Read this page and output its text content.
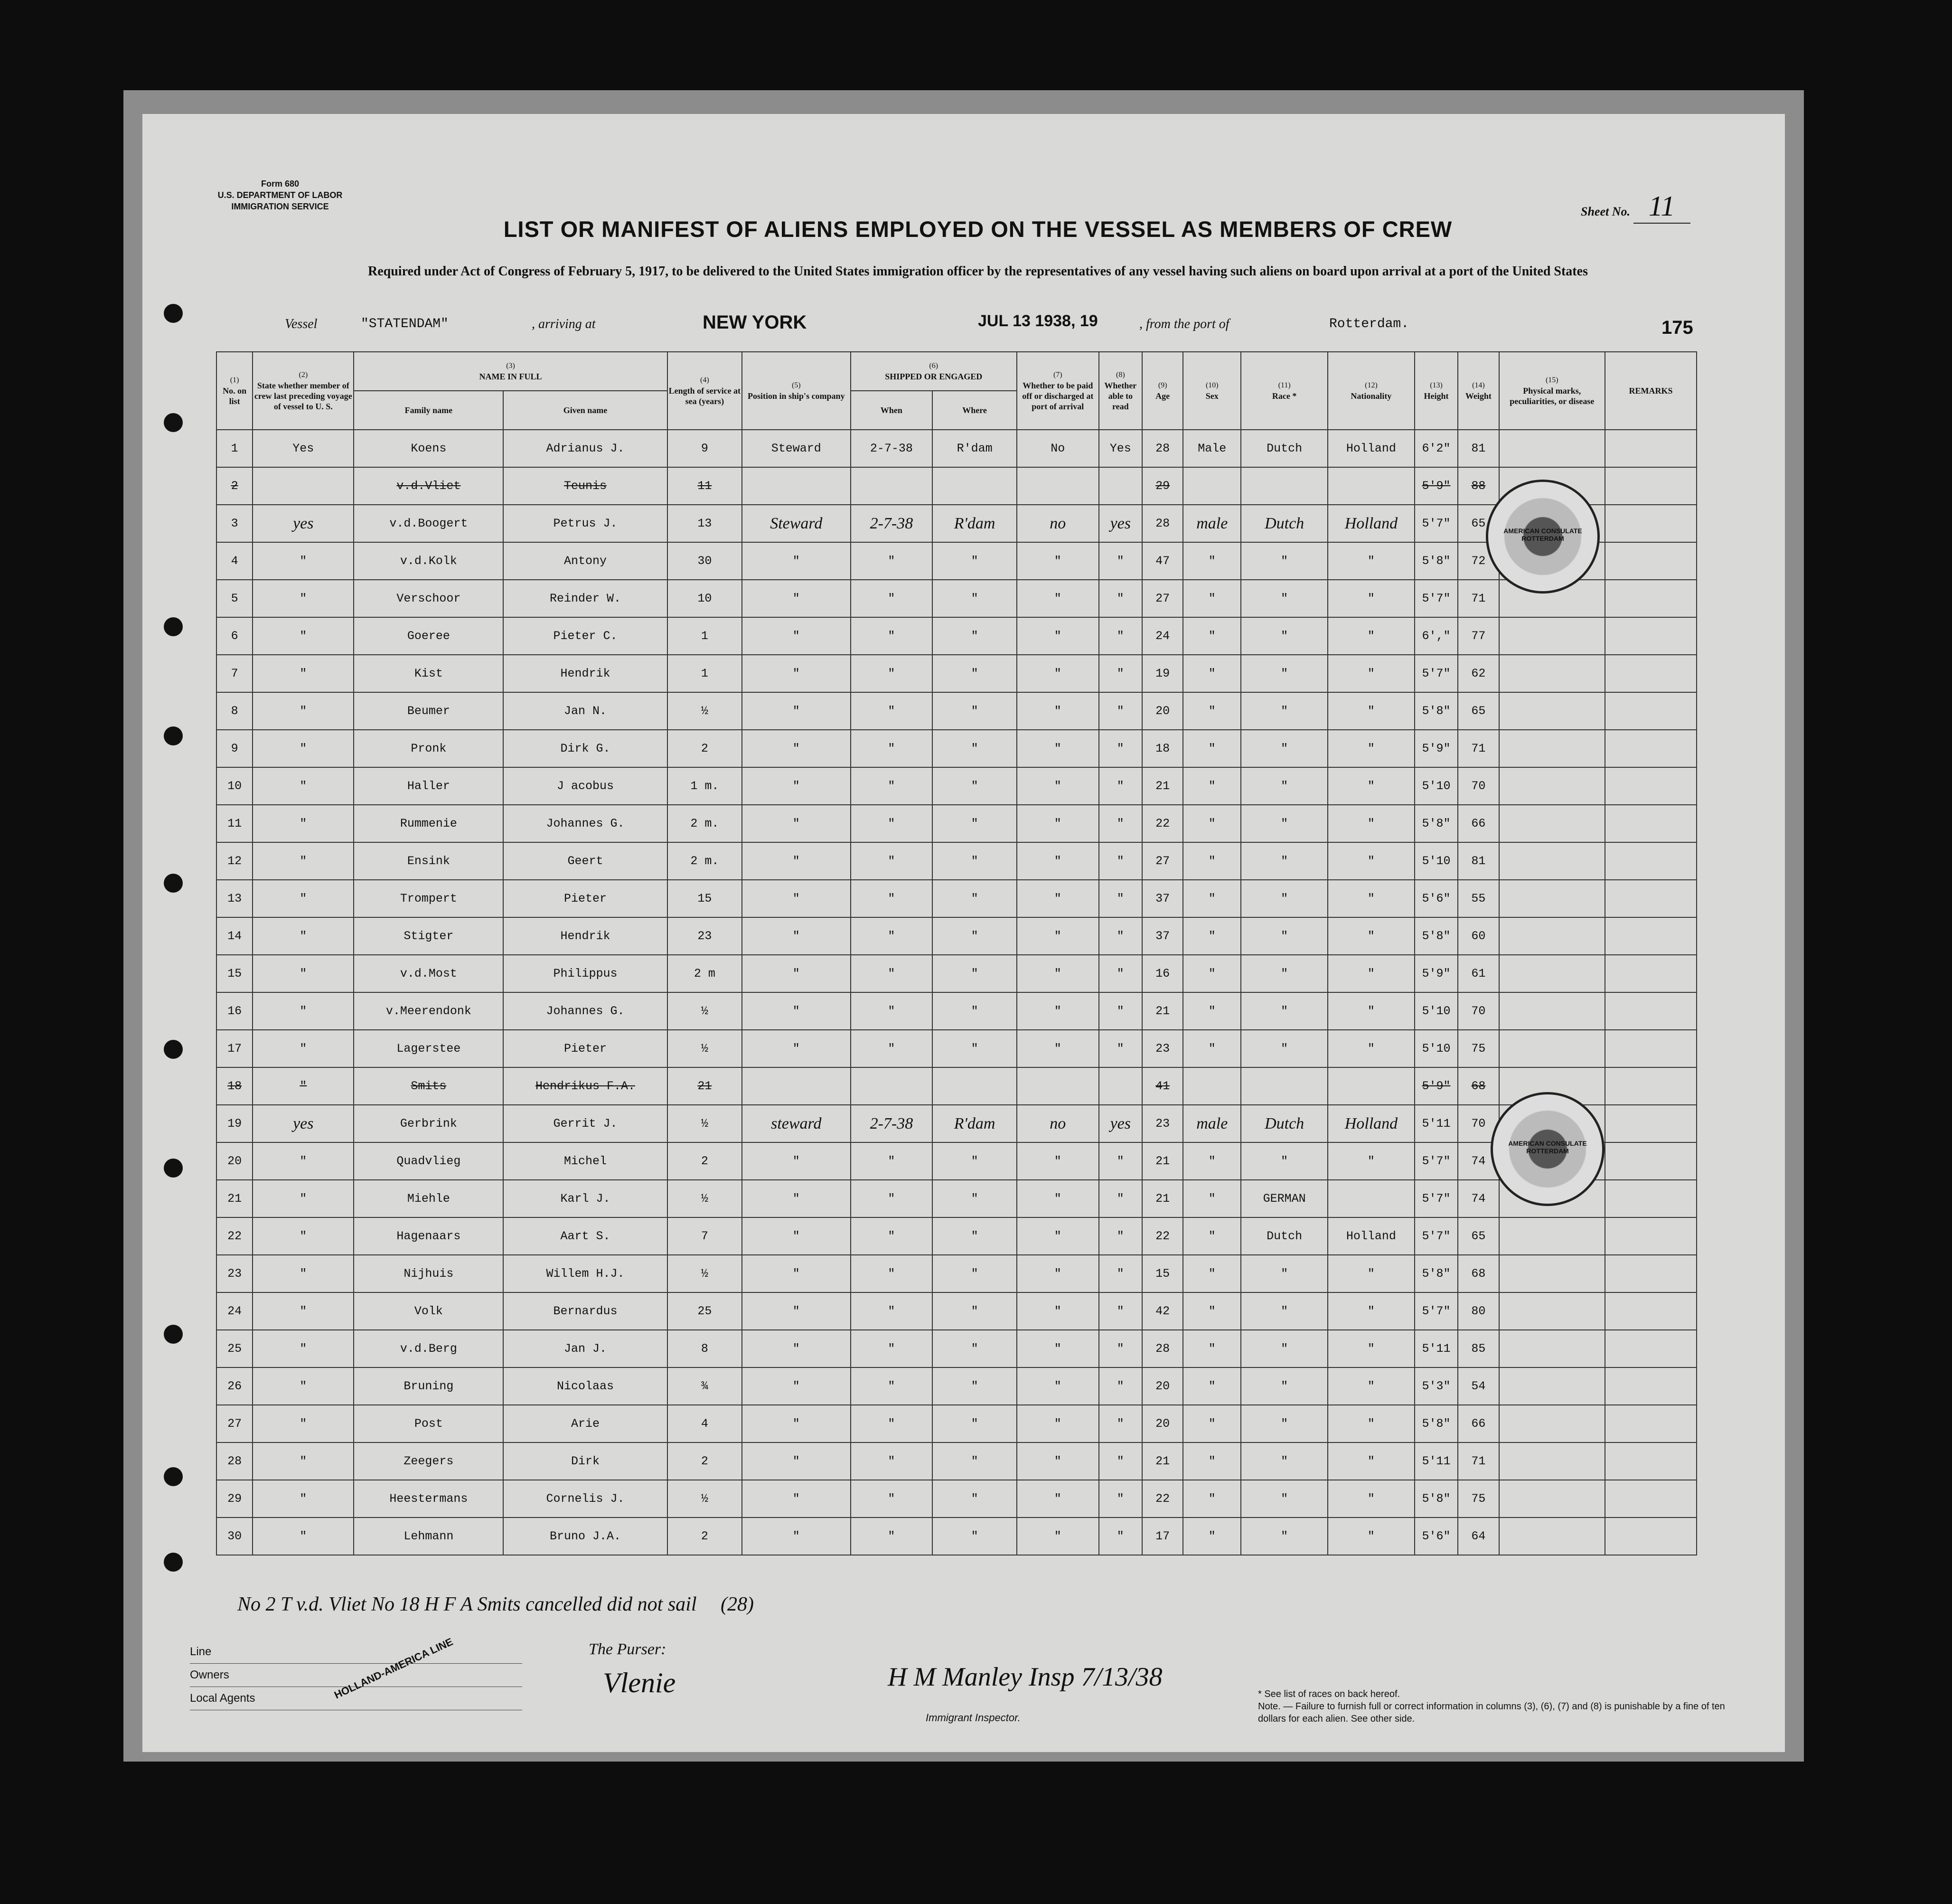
Form 680
U.S. DEPARTMENT OF LABOR
IMMIGRATION SERVICE	Sheet No. 11
LIST OR MANIFEST OF ALIENS EMPLOYED ON THE VESSEL AS MEMBERS OF CREW
Required under Act of Congress of February 5, 1917, to be delivered to the United States immigration officer by the representatives of any vessel having such aliens on board upon arrival at a port of the United States
Vessel	"STATENDAM"	, arriving at	NEW YORK	JUL 13 1938, 19	, from the port of	Rotterdam.	175
(1)
No. on list	(2)
State whether member of crew last preceding voyage of vessel to U. S.	(3)
NAME IN FULL		(4)
Length of service at sea (years)	(5)
Position in ship's company	(6)
SHIPPED OR ENGAGED		(7)
Whether to be paid off or discharged at port of arrival	(8)
Whether able to read	(9)
Age	(10)
Sex	(11)
Race *	(12)
Nationality	(13)
Height	(14)
Weight	(15)
Physical marks, peculiarities, or disease	REMARKS
		Family name	Given name			When	Where										
1	Yes	Koens	Adrianus J.	9	Steward	2-7-38	R'dam	No	Yes	28	Male	Dutch	Holland	6'2"	81		
2		v.d.Vliet	Teunis	11						29				5'9"	88		
3	yes	v.d.Boogert	Petrus J.	13	Steward	2-7-38	R'dam	no	yes	28	male	Dutch	Holland	5'7"	65		
4	"	v.d.Kolk	Antony	30	"	"	"	"	"	47	"	"	"	5'8"	72		
5	"	Verschoor	Reinder W.	10	"	"	"	"	"	27	"	"	"	5'7"	71		
6	"	Goeree	Pieter C.	1	"	"	"	"	"	24	"	"	"	6',"	77		
7	"	Kist	Hendrik	1	"	"	"	"	"	19	"	"	"	5'7"	62		
8	"	Beumer	Jan N.	½	"	"	"	"	"	20	"	"	"	5'8"	65		
9	"	Pronk	Dirk G.	2	"	"	"	"	"	18	"	"	"	5'9"	71		
10	"	Haller	J acobus	1 m.	"	"	"	"	"	21	"	"	"	5'10	70		
11	"	Rummenie	Johannes G.	2 m.	"	"	"	"	"	22	"	"	"	5'8"	66		
12	"	Ensink	Geert	2 m.	"	"	"	"	"	27	"	"	"	5'10	81		
13	"	Trompert	Pieter	15	"	"	"	"	"	37	"	"	"	5'6"	55		
14	"	Stigter	Hendrik	23	"	"	"	"	"	37	"	"	"	5'8"	60		
15	"	v.d.Most	Philippus	2 m	"	"	"	"	"	16	"	"	"	5'9"	61		
16	"	v.Meerendonk	Johannes G.	½	"	"	"	"	"	21	"	"	"	5'10	70		
17	"	Lagerstee	Pieter	½	"	"	"	"	"	23	"	"	"	5'10	75		
18	"	Smits	Hendrikus F.A.	21						41				5'9"	68		
19	yes	Gerbrink	Gerrit J.	½	steward	2-7-38	R'dam	no	yes	23	male	Dutch	Holland	5'11	70		
20	"	Quadvlieg	Michel	2	"	"	"	"	"	21	"	"	"	5'7"	74		
21	"	Miehle	Karl J.	½	"	"	"	"	"	21	"	GERMAN		5'7"	74		
22	"	Hagenaars	Aart S.	7	"	"	"	"	"	22	"	Dutch	Holland	5'7"	65		
23	"	Nijhuis	Willem H.J.	½	"	"	"	"	"	15	"	"	"	5'8"	68		
24	"	Volk	Bernardus	25	"	"	"	"	"	42	"	"	"	5'7"	80		
25	"	v.d.Berg	Jan J.	8	"	"	"	"	"	28	"	"	"	5'11	85		
26	"	Bruning	Nicolaas	¾	"	"	"	"	"	20	"	"	"	5'3"	54		
27	"	Post	Arie	4	"	"	"	"	"	20	"	"	"	5'8"	66		
28	"	Zeegers	Dirk	2	"	"	"	"	"	21	"	"	"	5'11	71		
29	"	Heestermans	Cornelis J.	½	"	"	"	"	"	22	"	"	"	5'8"	75		
30	"	Lehmann	Bruno J.A.	2	"	"	"	"	"	17	"	"	"	5'6"	64		
AMERICAN CONSULATE ROTTERDAM
AMERICAN CONSULATE ROTTERDAM
No 2 T v.d. Vliet No 18 H F A Smits cancelled did not sail (28)
Line
Owners
Local Agents	HOLLAND-AMERICA LINE	The Purser:
Vlenie	H M Manley Insp 7/13/38
Immigrant Inspector.
* See list of races on back hereof.
Note. — Failure to furnish full or correct information in columns (3), (6), (7) and (8) is punishable by a fine of ten dollars for each alien. See other side.
